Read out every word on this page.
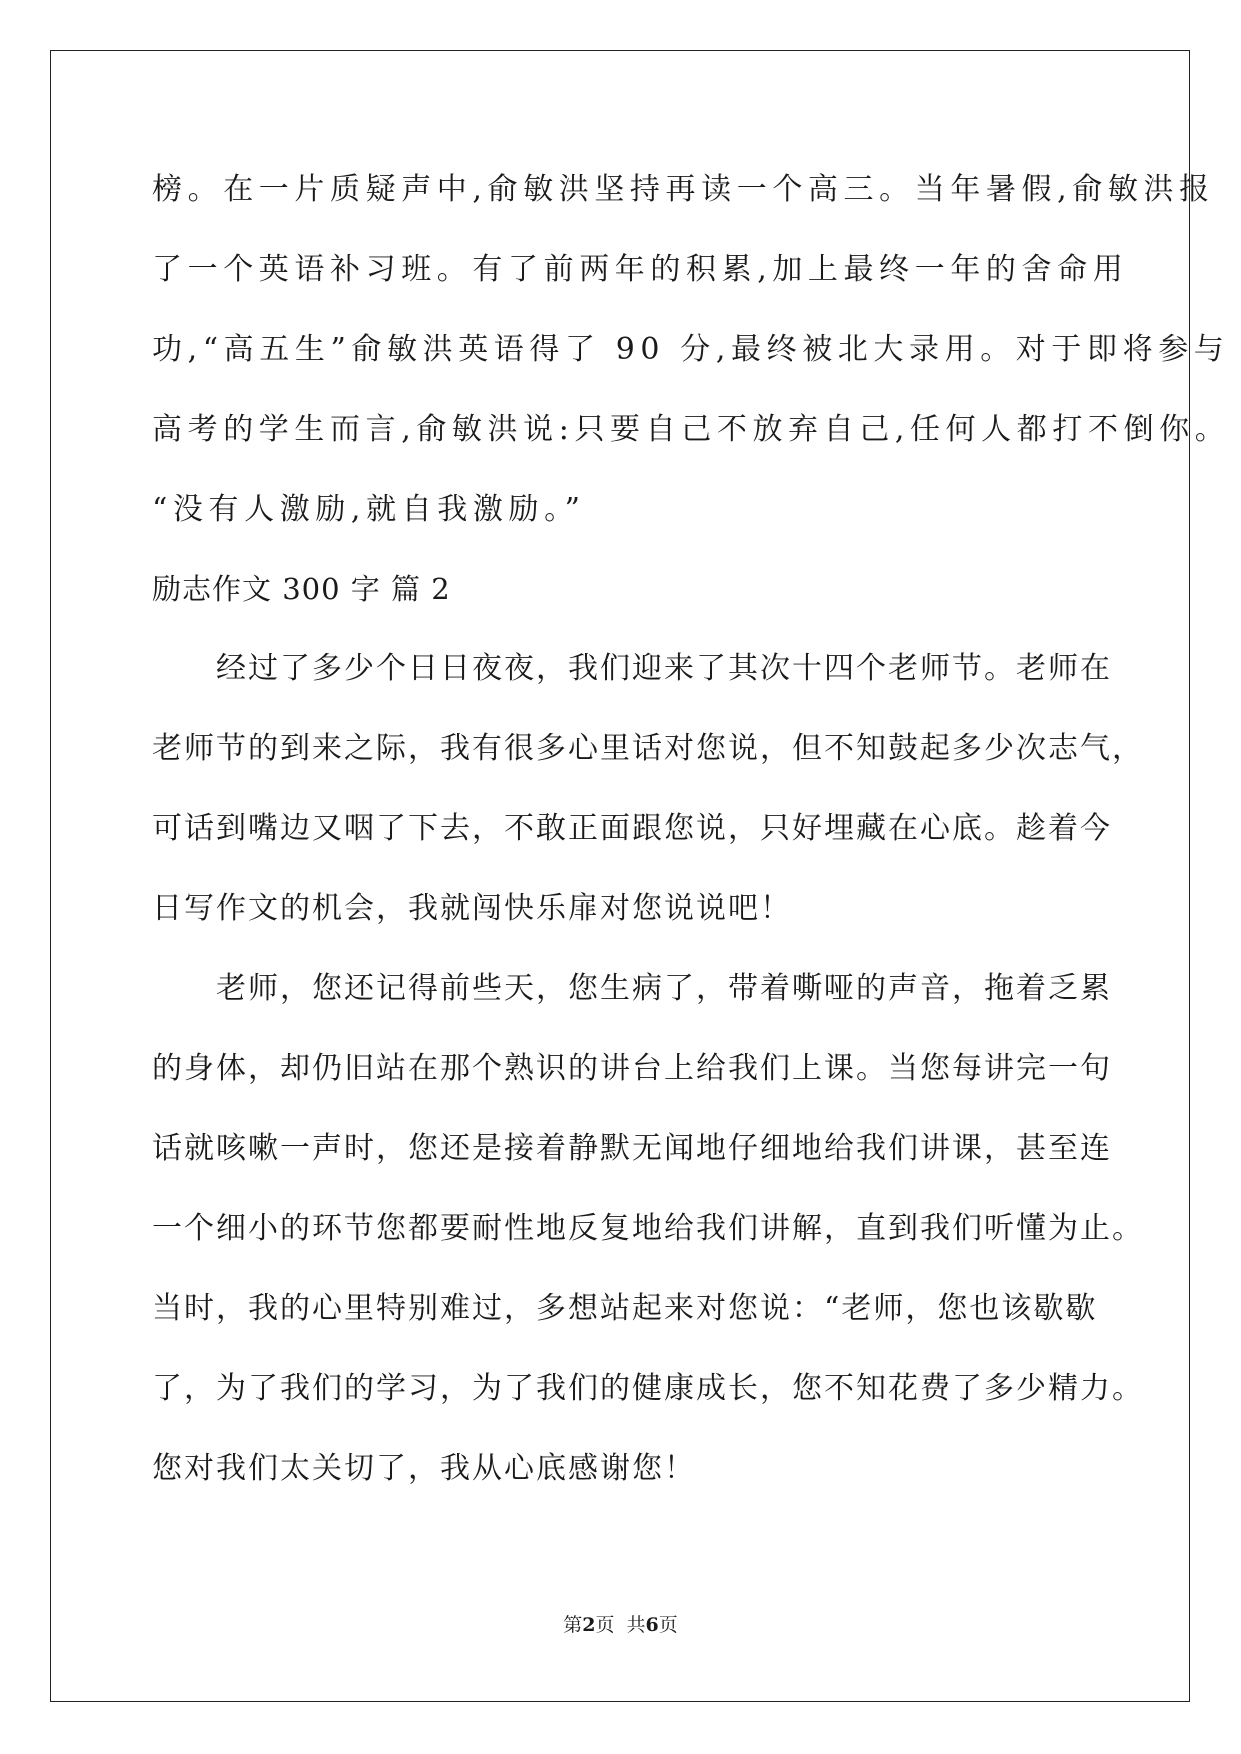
榜。在一片质疑声中,俞敏洪坚持再读一个高三。当年暑假,俞敏洪报
了一个英语补习班。有了前两年的积累,加上最终一年的舍命用
功,“高五生”俞敏洪英语得了 90 分,最终被北大录用。对于即将参与
高考的学生而言,俞敏洪说:只要自己不放弃自己,任何人都打不倒你。
“没有人激励,就自我激励。”
励志作文 300 字 篇 2
经过了多少个日日夜夜，我们迎来了其次十四个老师节。老师在
老师节的到来之际，我有很多心里话对您说，但不知鼓起多少次志气，
可话到嘴边又咽了下去，不敢正面跟您说，只好埋藏在心底。趁着今
日写作文的机会，我就闯快乐扉对您说说吧！
老师，您还记得前些天，您生病了，带着嘶哑的声音，拖着乏累
的身体，却仍旧站在那个熟识的讲台上给我们上课。当您每讲完一句
话就咳嗽一声时，您还是接着静默无闻地仔细地给我们讲课，甚至连
一个细小的环节您都要耐性地反复地给我们讲解，直到我们听懂为止。
当时，我的心里特别难过，多想站起来对您说：“老师，您也该歇歇
了，为了我们的学习，为了我们的健康成长，您不知花费了多少精力。
您对我们太关切了，我从心底感谢您！
第2页  共6页
